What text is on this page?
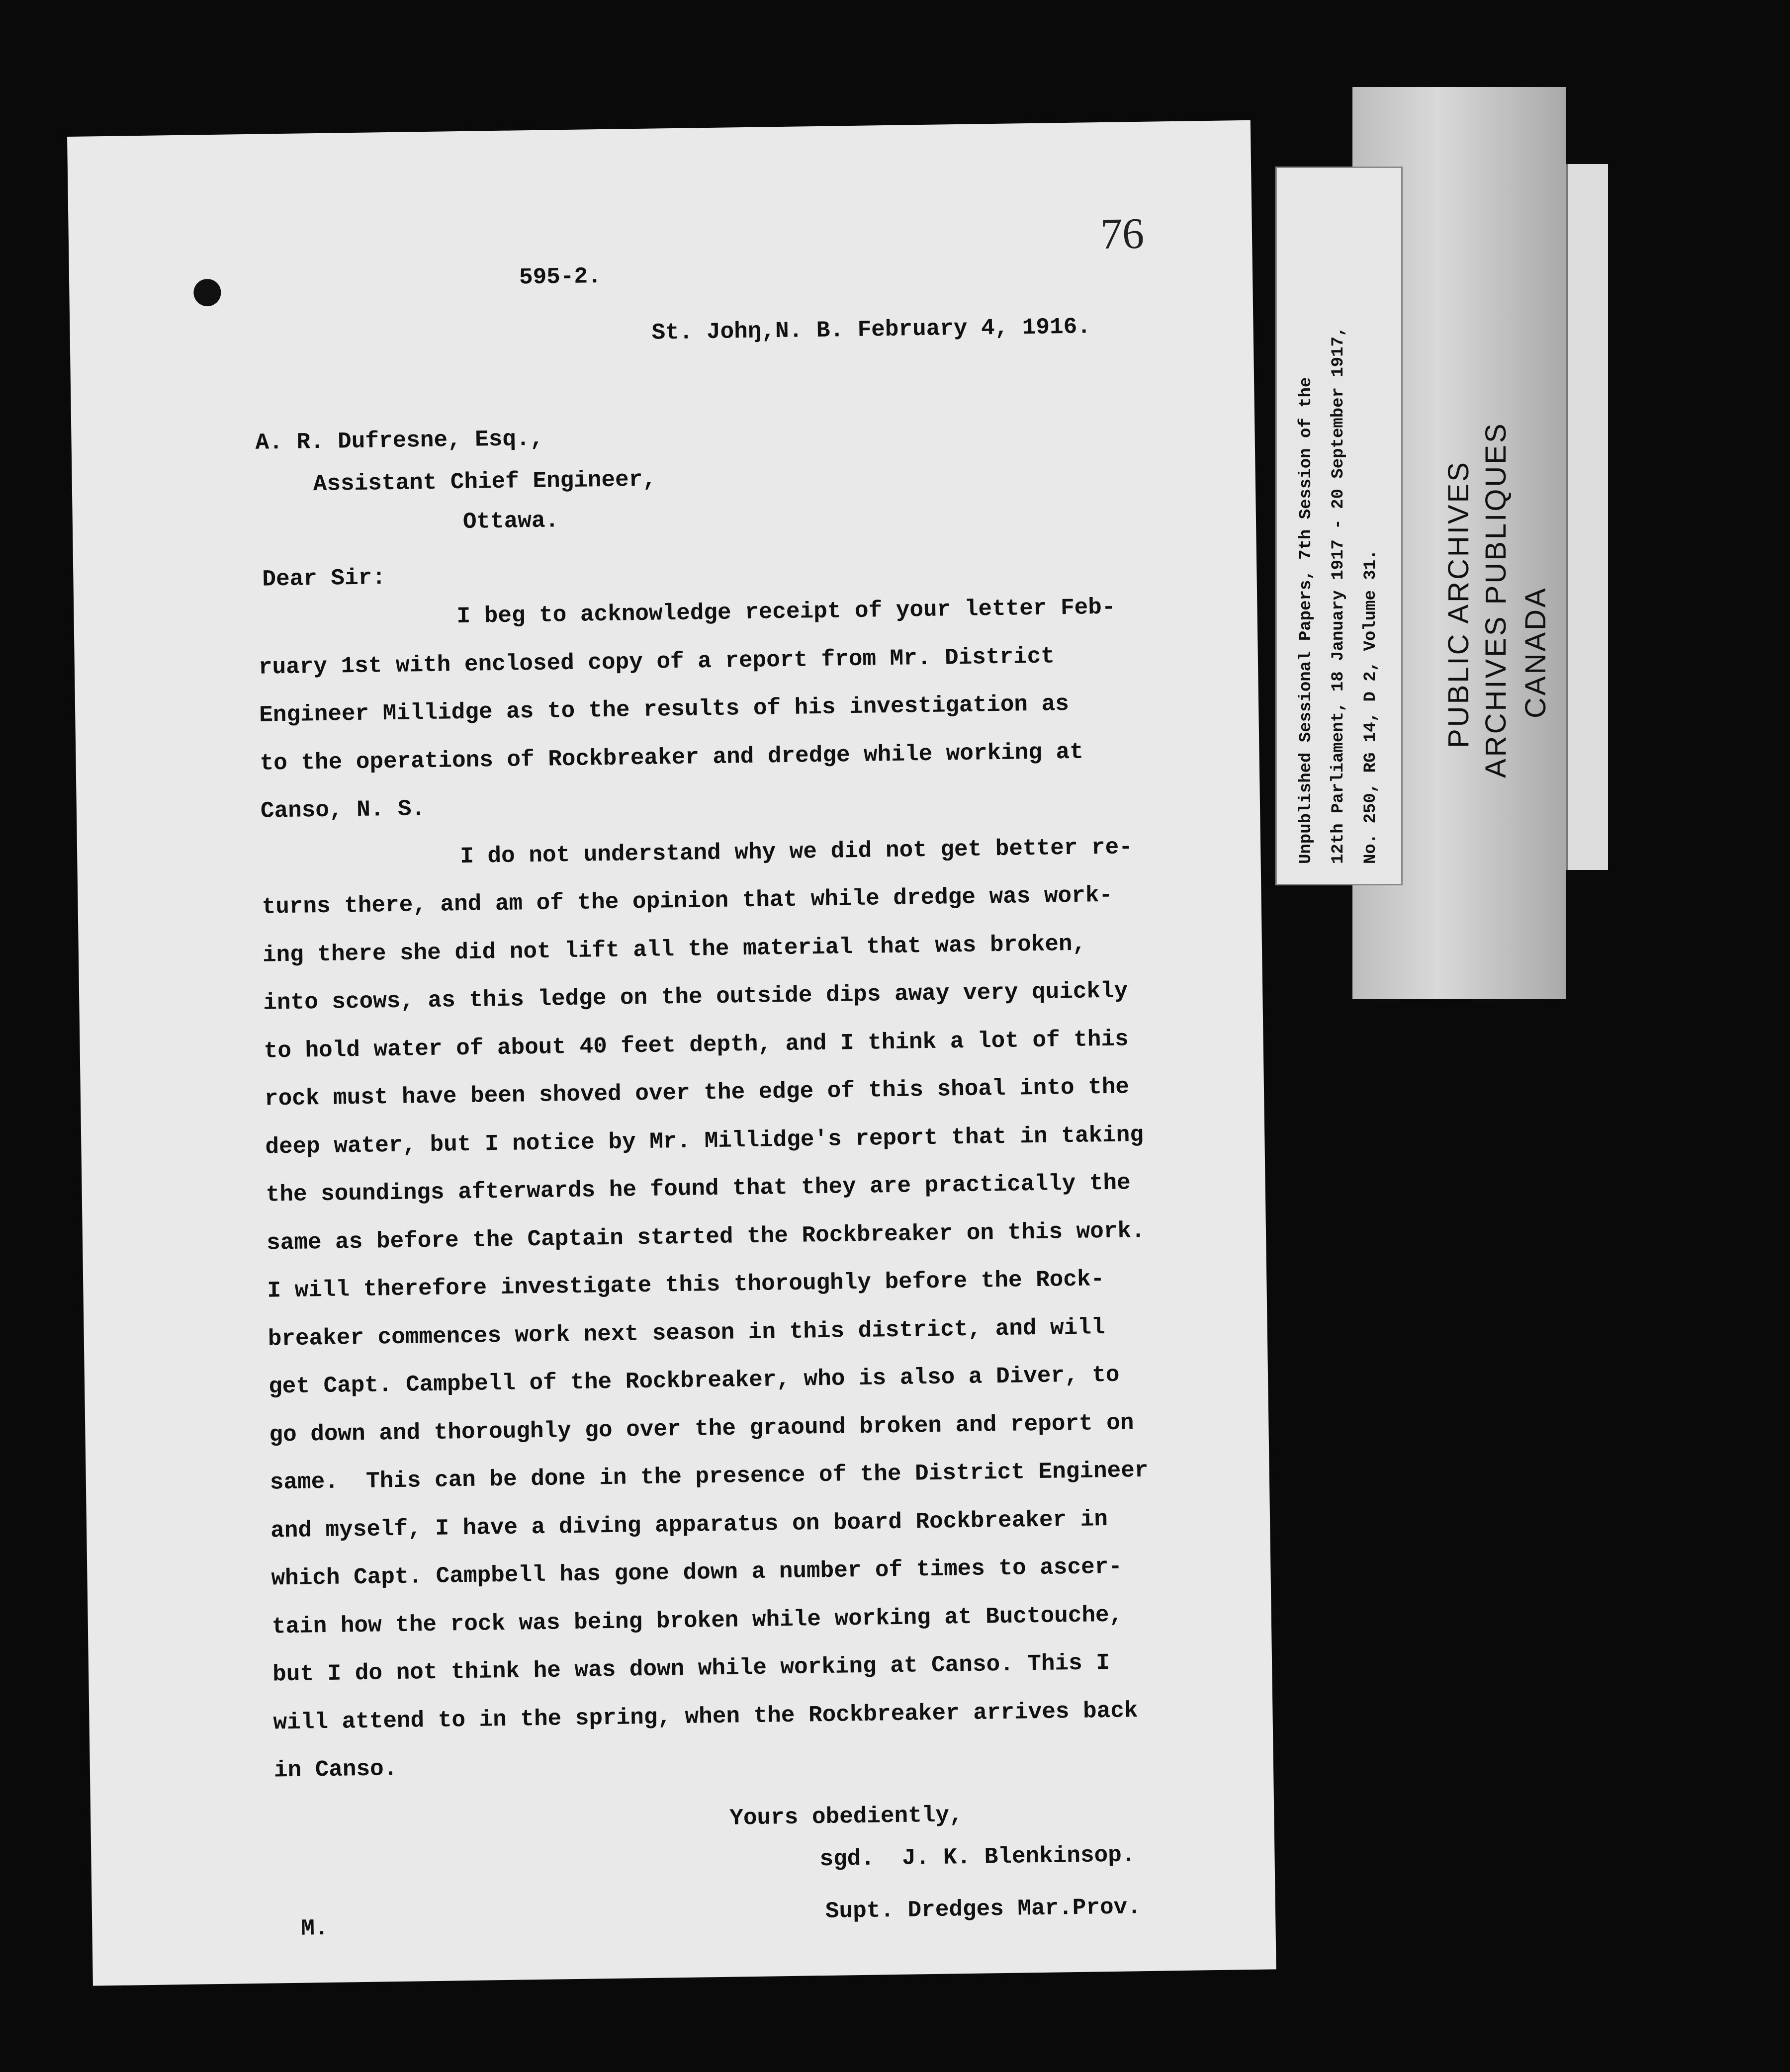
76

595-2.

St. Johŋ,N. B. February 4, 1916.

A. R. Dufresne, Esq.,

Assistant Chief Engineer,

Ottawa.

Dear Sir:

I beg to acknowledge receipt of your letter Feb-

ruary 1st with enclosed copy of a report from Mr. District

Engineer Millidge as to the results of his investigation as

to the operations of Rockbreaker and dredge while working at

Canso, N. S.

I do not understand why we did not get better re-

turns there, and am of the opinion that while dredge was work-

ing there she did not lift all the material that was broken,

into scows, as this ledge on the outside dips away very quickly

to hold water of about 40 feet depth, and I think a lot of this

rock must have been shoved over the edge of this shoal into the

deep water, but I notice by Mr. Millidge's report that in taking

the soundings afterwards he found that they are practically the

same as before the Captain started the Rockbreaker on this work.

I will therefore investigate this thoroughly before the Rock-

breaker commences work next season in this district, and will

get Capt. Campbell of the Rockbreaker, who is also a Diver, to

go down and thoroughly go over the graound broken and report on

same.  This can be done in the presence of the District Engineer

and myself, I have a diving apparatus on board Rockbreaker in

which Capt. Campbell has gone down a number of times to ascer-

tain how the rock was being broken while working at Buctouche,

but I do not think he was down while working at Canso. This I

will attend to in the spring, when the Rockbreaker arrives back

in Canso.

Yours obediently,

sgd.  J. K. Blenkinsop.

Supt. Dredges Mar.Prov.

M.

PUBLIC ARCHIVES ARCHIVES PUBLIQUES CANADA

Unpublished Sessional Papers, 7th Session of the 12th Parliament, 18 January 1917 - 20 September 1917, No. 250, RG 14, D 2, Volume 31.
